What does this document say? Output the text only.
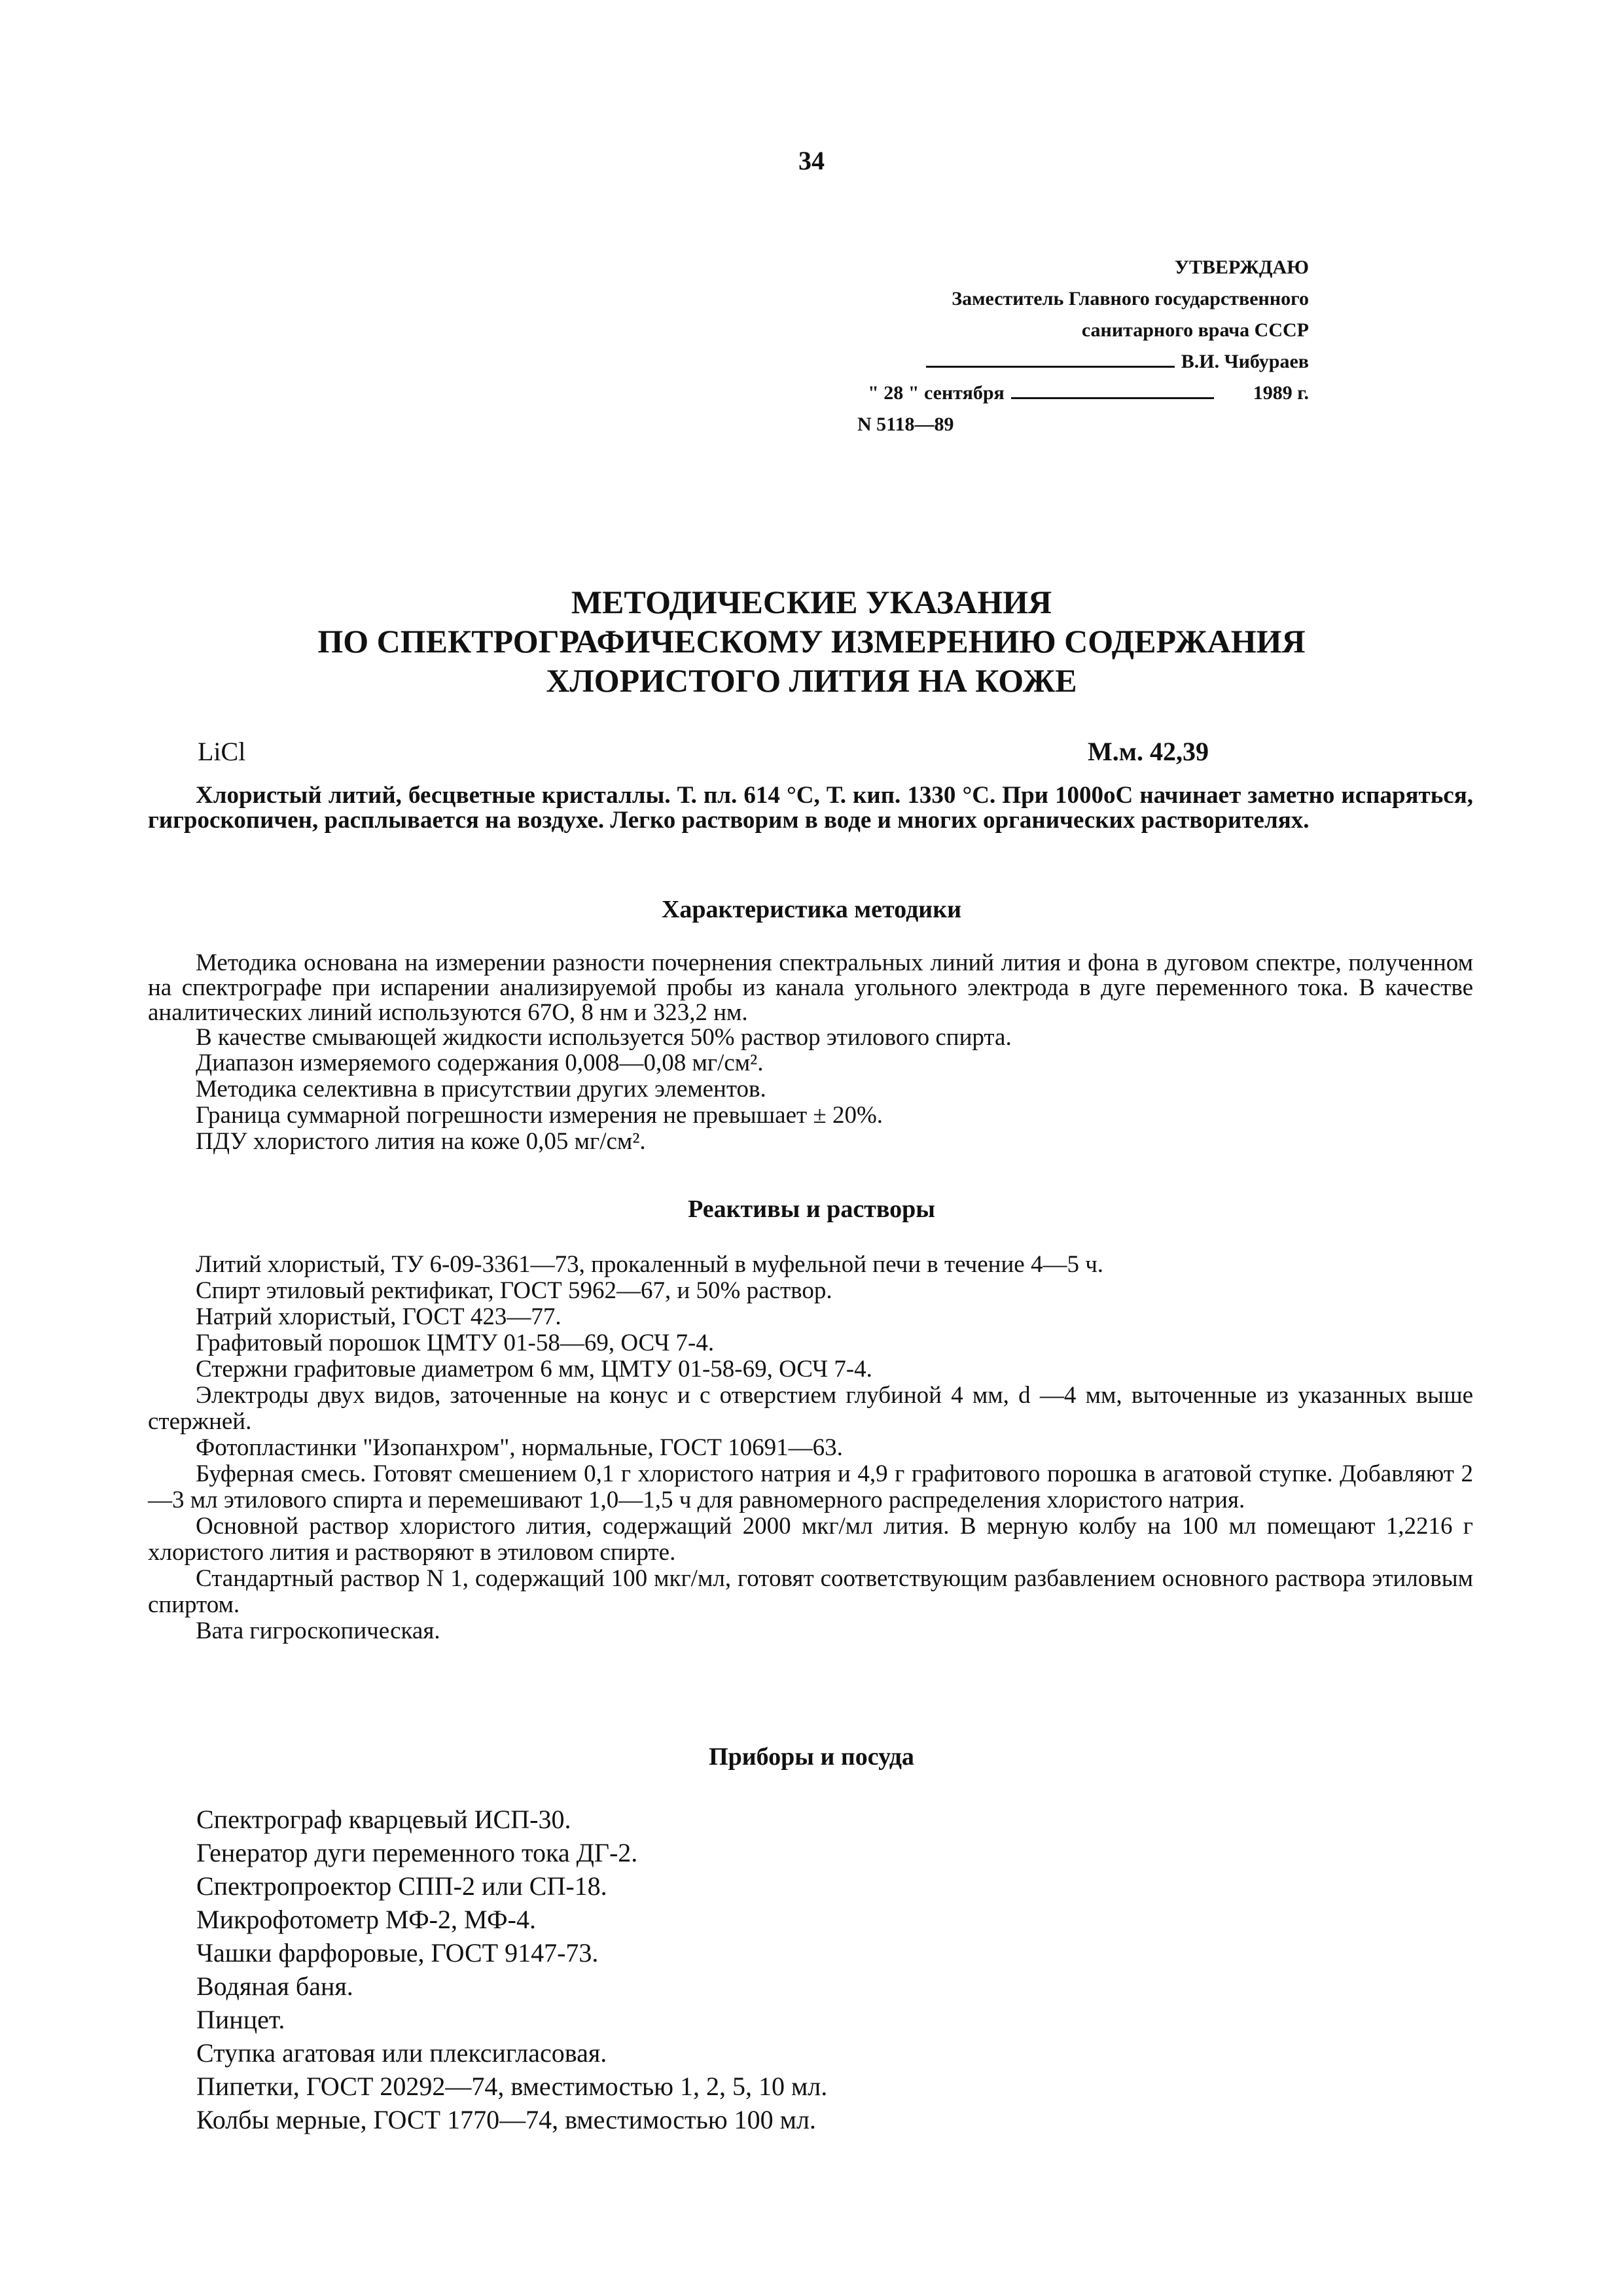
34
УТВЕРЖДАЮ
Заместитель Главного государственного
санитарного врача СССР
В.И. Чибураев
" 28 " сентября	1989 г.
N 5118—89
МЕТОДИЧЕСКИЕ УКАЗАНИЯ
ПО СПЕКТРОГРАФИЧЕСКОМУ ИЗМЕРЕНИЮ СОДЕРЖАНИЯ
ХЛОРИСТОГО ЛИТИЯ НА КОЖЕ
LiCl	М.м. 42,39

Хлористый литий, бесцветные кристаллы. Т. пл. 614 °С, Т. кип. 1330 °С. При 1000оС начинает заметно испаряться, гигроскопичен, расплывается на воздухе. Легко растворим в воде и многих органических растворителях.

Характеристика методики

Методика основана на измерении разности почернения спектральных линий лития и фона в дуговом спектре, полученном на спектрографе при испарении анализируемой пробы из канала угольного электрода в дуге переменного тока. В качестве аналитических линий используются 67О, 8 нм и 323,2 нм.

В качестве смывающей жидкости используется 50% раствор этилового спирта.

Диапазон измеряемого содержания 0,008—0,08 мг/см².

Методика селективна в присутствии других элементов.

Граница суммарной погрешности измерения не превышает ± 20%.

ПДУ хлористого лития на коже 0,05 мг/см².

Реактивы и растворы

Литий хлористый, ТУ 6-09-3361—73, прокаленный в муфельной печи в течение 4—5 ч.

Спирт этиловый ректификат, ГОСТ 5962—67, и 50% раствор.

Натрий хлористый, ГОСТ 423—77.

Графитовый порошок ЦМТУ 01-58—69, ОСЧ 7-4.

Стержни графитовые диаметром 6 мм, ЦМТУ 01-58-69, ОСЧ 7-4.

Электроды двух видов, заточенные на конус и с отверстием глубиной 4 мм, d —4 мм, выточенные из указанных выше стержней.

Фотопластинки "Изопанхром", нормальные, ГОСТ 10691—63.

Буферная смесь. Готовят смешением 0,1 г хлористого натрия и 4,9 г графитового порошка в агатовой ступке. Добавляют 2—3 мл этилового спирта и перемешивают 1,0—1,5 ч для равномерного распределения хлористого натрия.

Основной раствор хлористого лития, содержащий 2000 мкг/мл лития. В мерную колбу на 100 мл помещают 1,2216 г хлористого лития и растворяют в этиловом спирте.

Стандартный раствор N 1, содержащий 100 мкг/мл, готовят соответствующим разбавлением основного раствора этиловым спиртом.

Вата гигроскопическая.

Приборы и посуда
Спектрограф кварцевый ИСП-30.
Генератор дуги переменного тока ДГ-2.
Спектропроектор СПП-2 или СП-18.
Микрофотометр МФ-2, МФ-4.
Чашки фарфоровые, ГОСТ 9147-73.
Водяная баня.
Пинцет.
Ступка агатовая или плексигласовая.
Пипетки, ГОСТ 20292—74, вместимостью 1, 2, 5, 10 мл.
Колбы мерные, ГОСТ 1770—74, вместимостью 100 мл.
